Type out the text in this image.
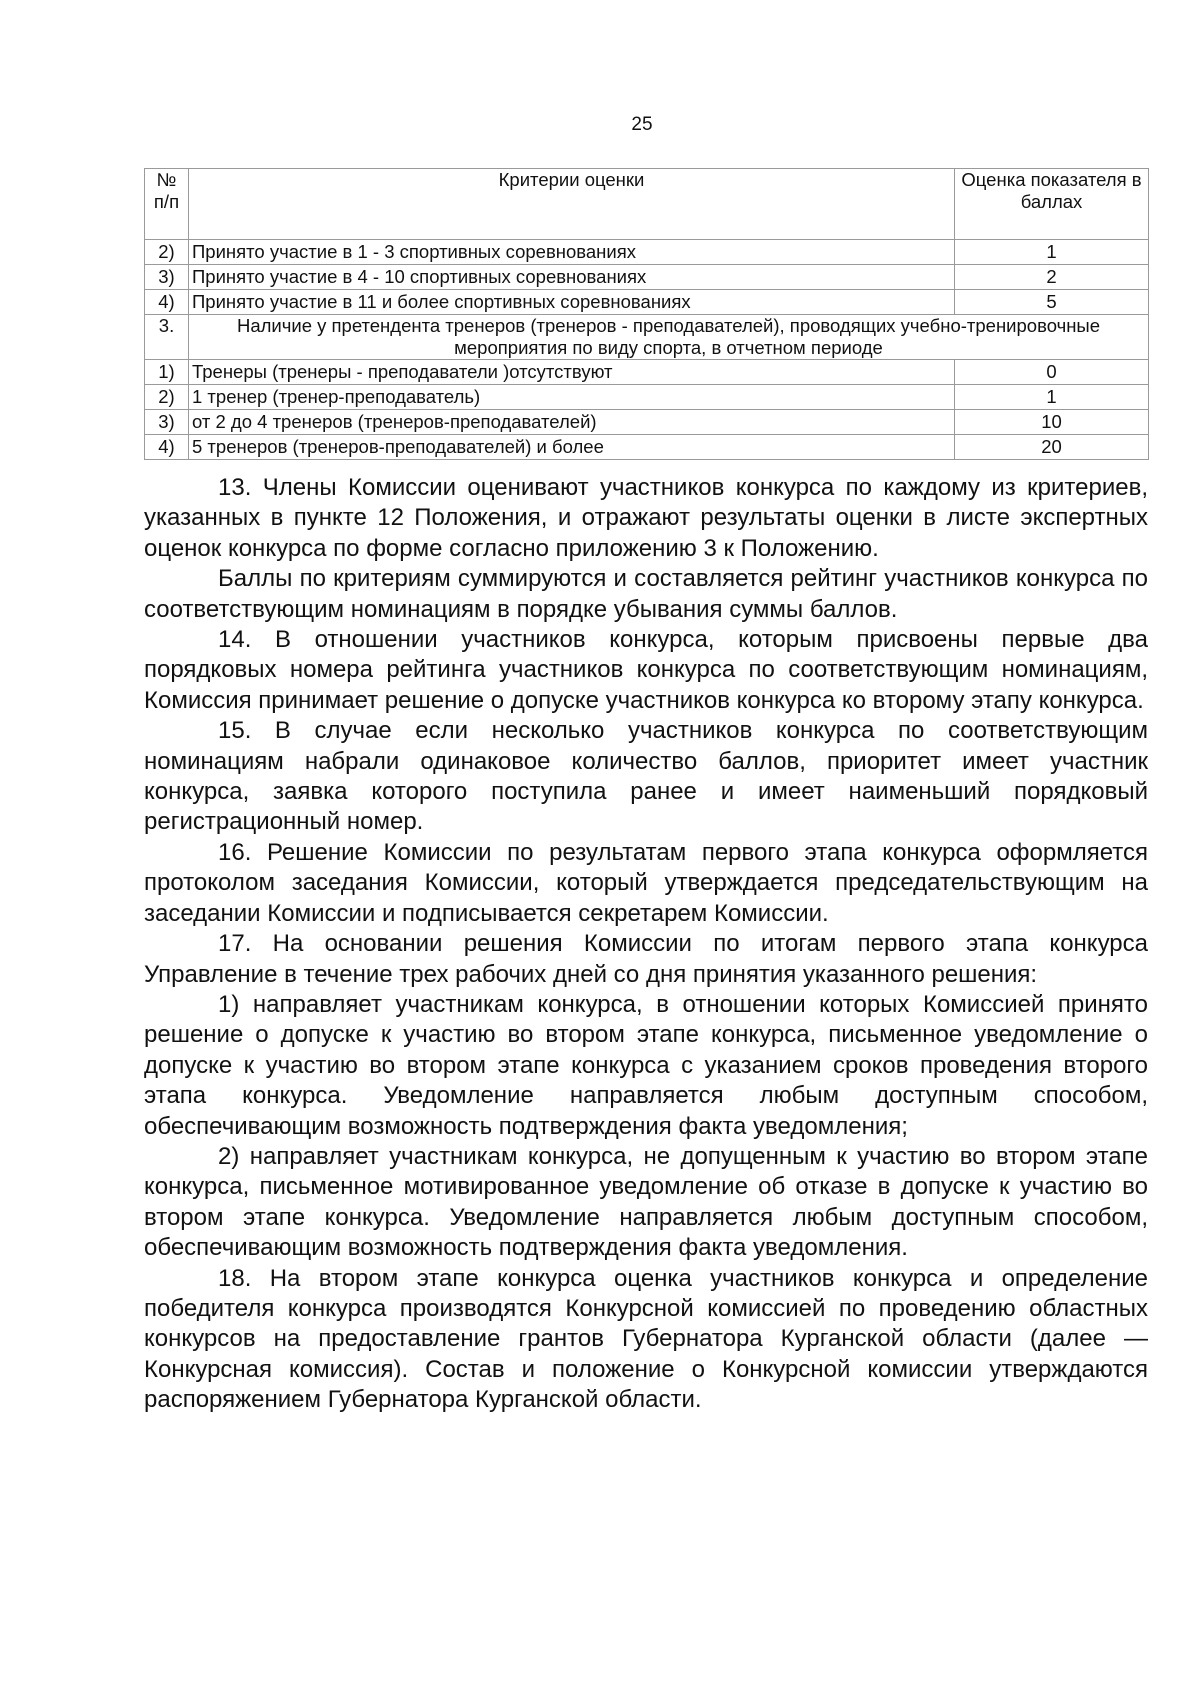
25
№ п/п	Критерии оценки	Оценка показателя в баллах
2)	Принято участие в 1 - 3 спортивных соревнованиях	1
3)	Принято участие в 4 - 10 спортивных соревнованиях	2
4)	Принято участие в 11 и более спортивных соревнованиях	5
3.	Наличие у претендента тренеров (тренеров - преподавателей), проводящих учебно-тренировочные мероприятия по виду спорта, в отчетном периоде	
1)	Тренеры (тренеры - преподаватели )отсутствуют	0
2)	1 тренер (тренер-преподаватель)	1
3)	от 2 до 4 тренеров (тренеров-преподавателей)	10
4)	5 тренеров (тренеров-преподавателей) и более	20

13. Члены Комиссии оценивают участников конкурса по каждому из критериев, указанных в пункте 12 Положения, и отражают результаты оценки в листе экспертных оценок конкурса по форме согласно приложению 3 к Положению.

Баллы по критериям суммируются и составляется рейтинг участников конкурса по соответствующим номинациям в порядке убывания суммы баллов.

14. В отношении участников конкурса, которым присвоены первые два порядковых номера рейтинга участников конкурса по соответствующим номинациям, Комиссия принимает решение о допуске участников конкурса ко второму этапу конкурса.

15. В случае если несколько участников конкурса по соответствующим номинациям набрали одинаковое количество баллов, приоритет имеет участник конкурса, заявка которого поступила ранее и имеет наименьший порядковый регистрационный номер.

16. Решение Комиссии по результатам первого этапа конкурса оформляется протоколом заседания Комиссии, который утверждается председательствующим на заседании Комиссии и подписывается секретарем Комиссии.

17. На основании решения Комиссии по итогам первого этапа конкурса Управление в течение трех рабочих дней со дня принятия указанного решения:

1) направляет участникам конкурса, в отношении которых Комиссией принято решение о допуске к участию во втором этапе конкурса, письменное уведомление о допуске к участию во втором этапе конкурса с указанием сроков проведения второго этапа конкурса. Уведомление направляется любым доступным способом, обеспечивающим возможность подтверждения факта уведомления;

2) направляет участникам конкурса, не допущенным к участию во втором этапе конкурса, письменное мотивированное уведомление об отказе в допуске к участию во втором этапе конкурса. Уведомление направляется любым доступным способом, обеспечивающим возможность подтверждения факта уведомления.

18. На втором этапе конкурса оценка участников конкурса и определение победителя конкурса производятся Конкурсной комиссией по проведению областных конкурсов на предоставление грантов Губернатора Курганской области (далее — Конкурсная комиссия). Состав и положение о Конкурсной комиссии утверждаются распоряжением Губернатора Курганской области.
